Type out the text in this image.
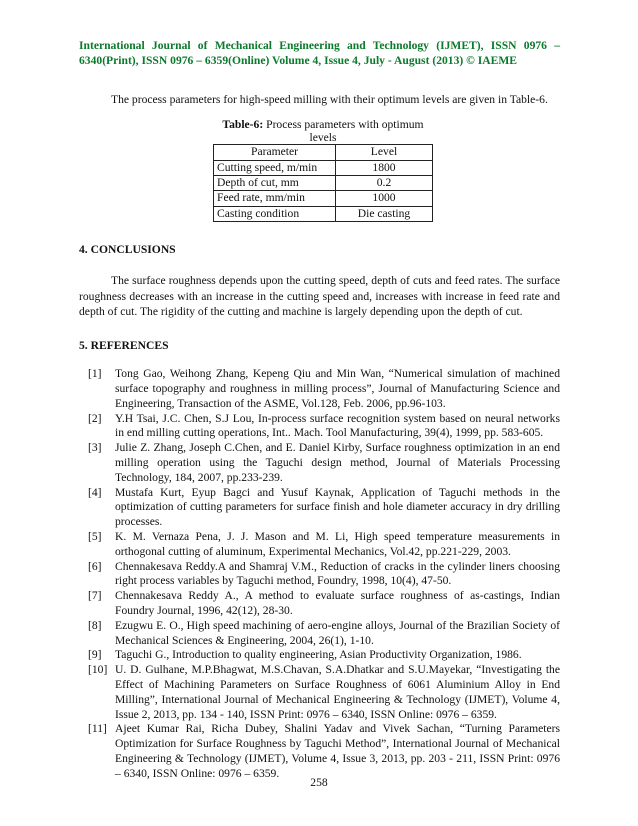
International Journal of Mechanical Engineering and Technology (IJMET), ISSN 0976 – 6340(Print), ISSN 0976 – 6359(Online) Volume 4, Issue 4, July - August (2013) © IAEME

The process parameters for high-speed milling with their optimum levels are given in Table-6.

Table-6: Process parameters with optimum levels

Parameter	Level
Cutting speed, m/min	1800
Depth of cut, mm	0.2
Feed rate, mm/min	1000
Casting condition	Die casting

4. CONCLUSIONS

The surface roughness depends upon the cutting speed, depth of cuts and feed rates. The surface roughness decreases with an increase in the cutting speed and, increases with increase in feed rate and depth of cut. The rigidity of the cutting and machine is largely depending upon the depth of cut.

5. REFERENCES

[1] Tong Gao, Weihong Zhang, Kepeng Qiu and Min Wan, “Numerical simulation of machined surface topography and roughness in milling process”, Journal of Manufacturing Science and Engineering, Transaction of the ASME, Vol.128, Feb. 2006, pp.96-103.
[2] Y.H Tsai, J.C. Chen, S.J Lou, In-process surface recognition system based on neural networks in end milling cutting operations, Int.. Mach. Tool Manufacturing, 39(4), 1999, pp. 583-605.
[3] Julie Z. Zhang, Joseph C.Chen, and E. Daniel Kirby, Surface roughness optimization in an end milling operation using the Taguchi design method, Journal of Materials Processing Technology, 184, 2007, pp.233-239.
[4] Mustafa Kurt, Eyup Bagci and Yusuf Kaynak, Application of Taguchi methods in the optimization of cutting parameters for surface finish and hole diameter accuracy in dry drilling processes.
[5] K. M. Vernaza Pena, J. J. Mason and M. Li, High speed temperature measurements in orthogonal cutting of aluminum, Experimental Mechanics, Vol.42, pp.221-229, 2003.
[6] Chennakesava Reddy.A and Shamraj V.M., Reduction of cracks in the cylinder liners choosing right process variables by Taguchi method, Foundry, 1998, 10(4), 47-50.
[7] Chennakesava Reddy A., A method to evaluate surface roughness of as-castings, Indian Foundry Journal, 1996, 42(12), 28-30.
[8] Ezugwu E. O., High speed machining of aero-engine alloys, Journal of the Brazilian Society of Mechanical Sciences & Engineering, 2004, 26(1), 1-10.
[9] Taguchi G., Introduction to quality engineering, Asian Productivity Organization, 1986.
[10] U. D. Gulhane, M.P.Bhagwat, M.S.Chavan, S.A.Dhatkar and S.U.Mayekar, “Investigating the Effect of Machining Parameters on Surface Roughness of 6061 Aluminium Alloy in End Milling”, International Journal of Mechanical Engineering & Technology (IJMET), Volume 4, Issue 2, 2013, pp. 134 - 140, ISSN Print: 0976 – 6340, ISSN Online: 0976 – 6359.
[11] Ajeet Kumar Rai, Richa Dubey, Shalini Yadav and Vivek Sachan, “Turning Parameters Optimization for Surface Roughness by Taguchi Method”, International Journal of Mechanical Engineering & Technology (IJMET), Volume 4, Issue 3, 2013, pp. 203 - 211, ISSN Print: 0976 – 6340, ISSN Online: 0976 – 6359.
258
